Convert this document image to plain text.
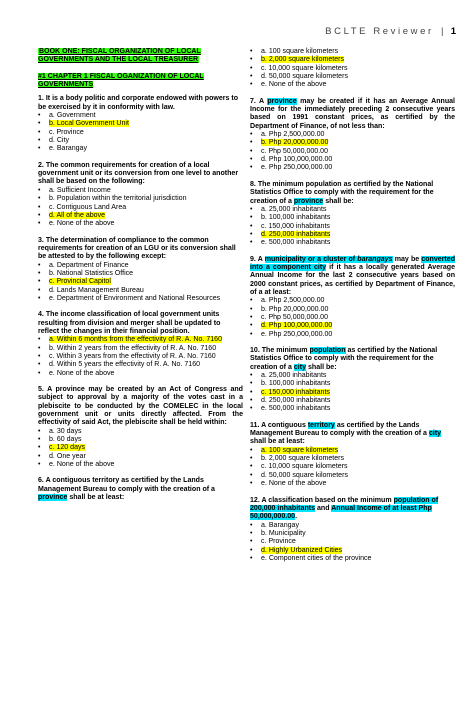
BCLTE Reviewer | 1
BOOK ONE: FISCAL ORGANIZATION OF LOCAL GOVERNMENTS AND THE LOCAL TREASURER
#1 CHAPTER 1 FISCAL OGANIZATION OF LOCAL GOVERNMENTS
1. It is a body politic and corporate endowed with powers to be exercised by it in conformity with law.
• a. Government
• b. Local Government Unit
• c. Province
• d. City
• e. Barangay
2. The common requirements for creation of a local government unit or its conversion from one level to another shall be based on the following:
• a. Sufficient Income
• b. Population within the territorial jurisdiction
• c. Contiguous Land Area
• d. All of the above
• e. None of the above
3. The determination of compliance to the common requirements for creation of an LGU or its conversion shall be attested to by the following except:
• a. Department of Finance
• b. National Statistics Office
• c. Provincial Capitol
• d. Lands Management Bureau
• e. Department of Environment and National Resources
4. The income classification of local government units resulting from division and merger shall be updated to reflect the changes in their financial position.
• a. Within 6 months from the effectivity of R. A. No. 7160
• b. Within 2 years from the effectivity of R. A. No. 7160
• c. Within 3 years from the effectivity of R. A. No. 7160
• d. Within 5 years the effectivity of R. A. No. 7160
• e. None of the above
5. A province may be created by an Act of Congress and subject to approval by a majority of the votes cast in a plebiscite to be conducted by the COMELEC in the local government unit or units directly affected. From the effectivity of said Act, the plebiscite shall be held within:
• a. 30 days
• b. 60 days
• c. 120 days
• d. One year
• e. None of the above
6. A contiguous territory as certified by the Lands Management Bureau to comply with the creation of a province shall be at least:
• a. 100 square kilometers
• b. 2,000 square kilometers
• c. 10,000 square kilometers
• d. 50,000 square kilometers
• e. None of the above
7. A province may be created if it has an Average Annual Income for the immediately preceding 2 consecutive years based on 1991 constant prices, as certified by the Department of Finance, of not less than:
• a. Php 2,500,000.00
• b. Php 20,000,000.00
• c. Php 50,000,000.00
• d. Php 100,000,000.00
• e. Php 250,000,000.00
8. The minimum population as certified by the National Statistics Office to comply with the requirement for the creation of a province shall be:
• a. 25,000 inhabitants
• b. 100,000 inhabitants
• c. 150,000 inhabitants
• d. 250,000 inhabitants
• e. 500,000 inhabitants
9. A municipality or a cluster of barangays may be converted into a component city if it has a locally generated Average Annual Income for the last 2 consecutive years based on 2000 constant prices, as certified by Department of Finance, of a at least:
• a. Php 2,500,000.00
• b. Php 20,000,000.00
• c. Php 50,000,000.00
• d. Php 100,000,000.00
• e. Php 250,000,000.00
10. The minimum population as certified by the National Statistics Office to comply with the requirement for the creation of a city shall be:
• a. 25,000 inhabitants
• b. 100,000 inhabitants
• c. 150,000 inhabitants
• d. 250,000 inhabitants
• e. 500,000 inhabitants
11. A contiguous territory as certified by the Lands Management Bureau to comply with the creation of a city shall be at least:
• a. 100 square kilometers
• b. 2,000 square kilometers
• c. 10,000 square kilometers
• d. 50,000 square kilometers
• e. None of the above
12. A classification based on the minimum population of 200,000 inhabitants and Annual Income of at least Php 50,000,000.00.
• a. Barangay
• b. Municipality
• c. Province
• d. Highly Urbanized Cities
• e. Component cities of the province
